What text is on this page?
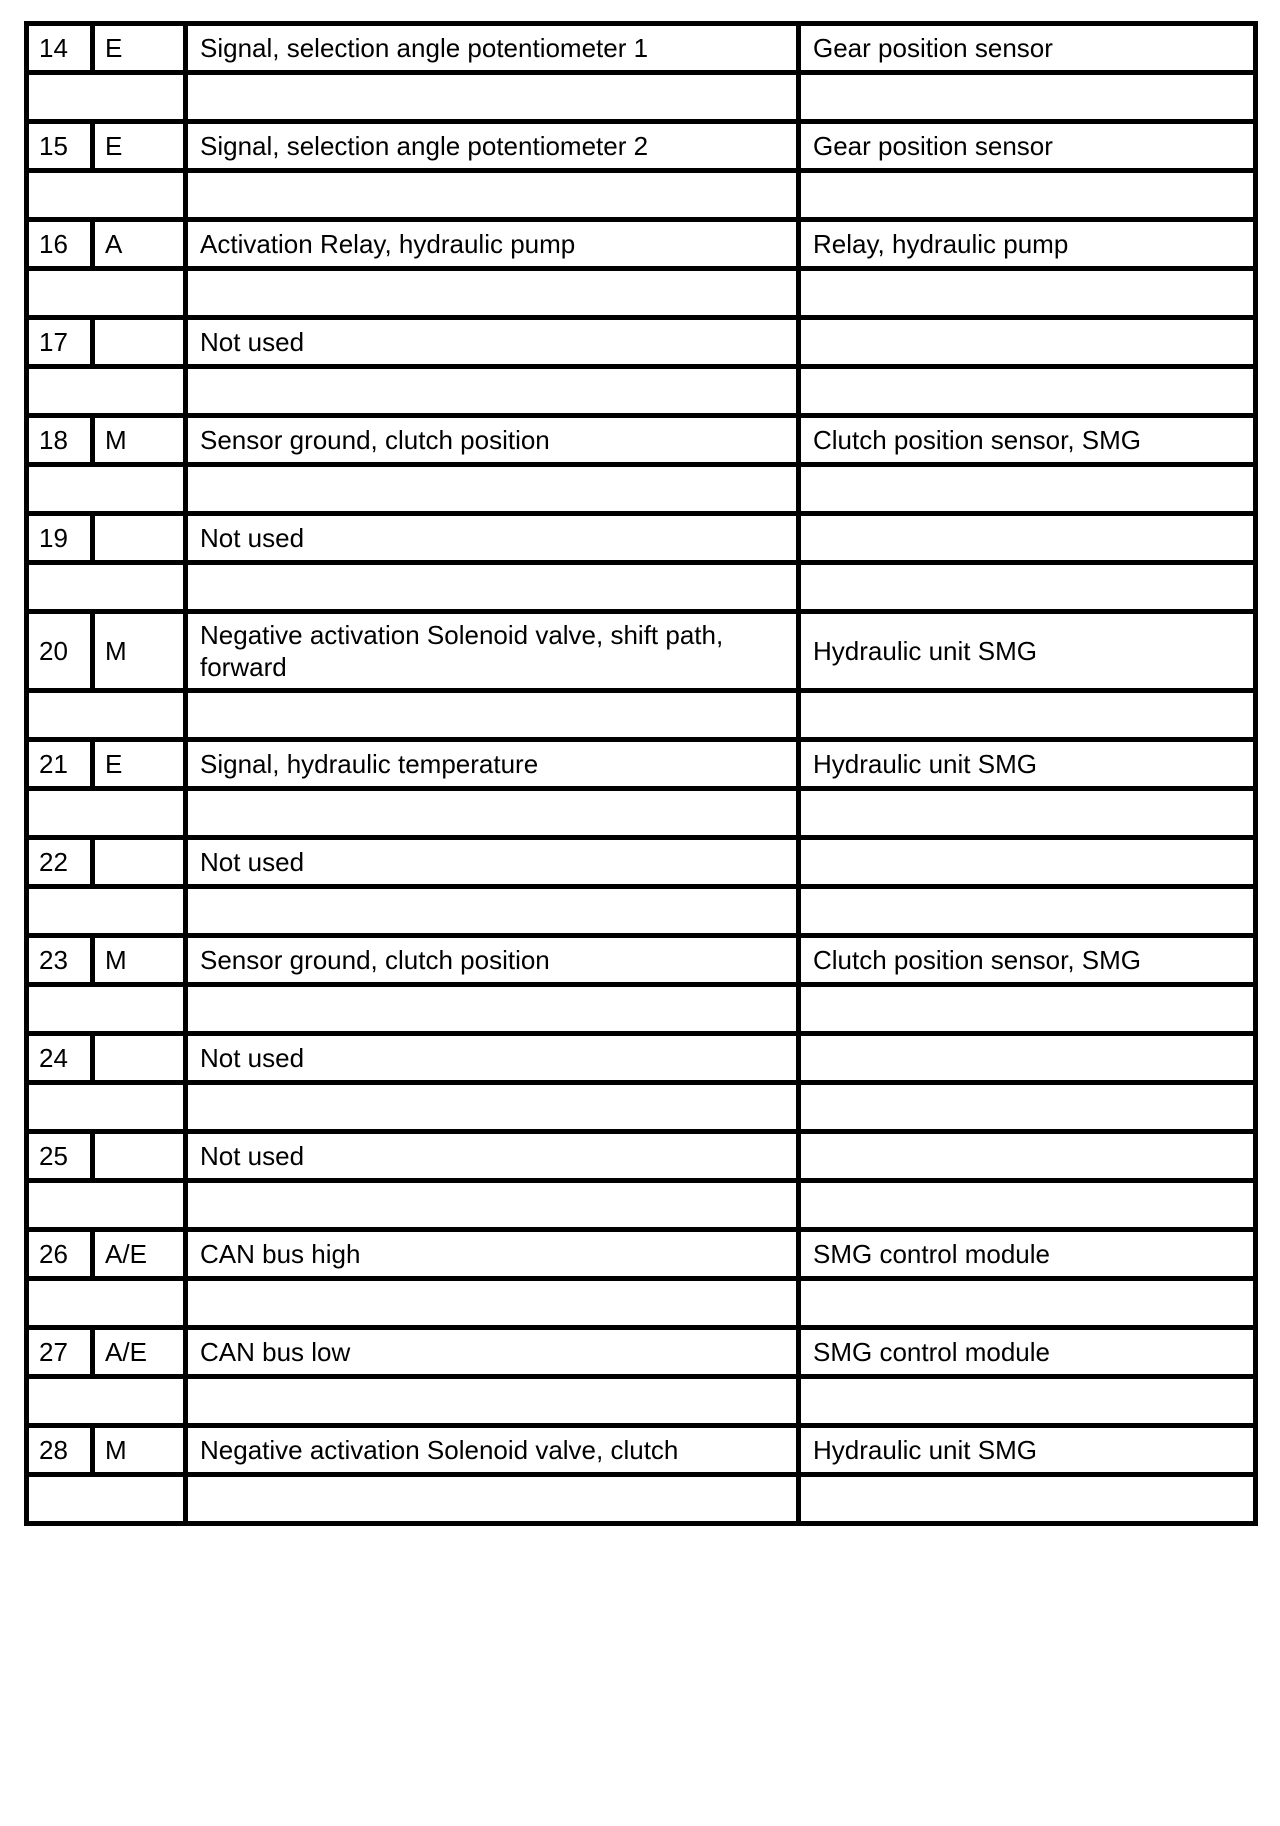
14	E	Signal, selection angle potentiometer 1	Gear position sensor

15	E	Signal, selection angle potentiometer 2	Gear position sensor

16	A	Activation Relay, hydraulic pump	Relay, hydraulic pump

17		Not used	

18	M	Sensor ground, clutch position	Clutch position sensor, SMG

19		Not used	

20	M	Negative activation Solenoid valve, shift path, forward	Hydraulic unit SMG

21	E	Signal, hydraulic temperature	Hydraulic unit SMG

22		Not used	

23	M	Sensor ground, clutch position	Clutch position sensor, SMG

24		Not used	

25		Not used	

26	A/E	CAN bus high	SMG control module

27	A/E	CAN bus low	SMG control module

28	M	Negative activation Solenoid valve, clutch	Hydraulic unit SMG
